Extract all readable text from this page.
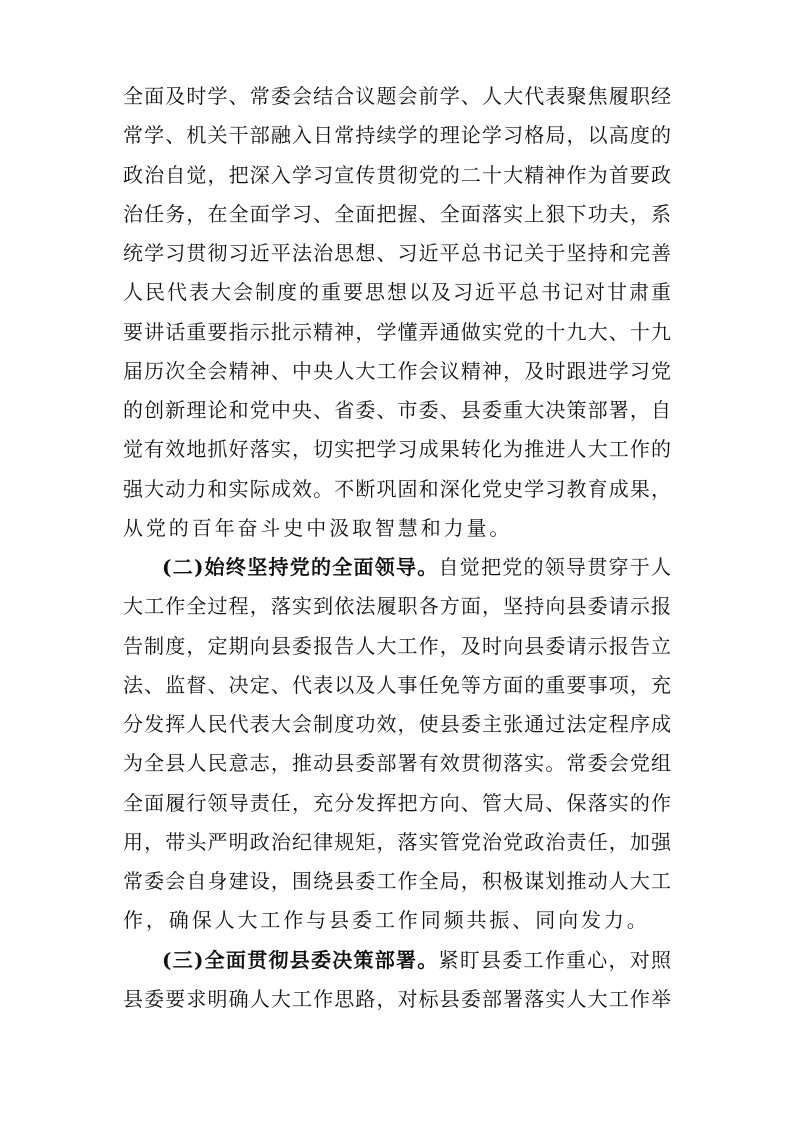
全面及时学、常委会结合议题会前学、人大代表聚焦履职经
常学、机关干部融入日常持续学的理论学习格局，以高度的
政治自觉，把深入学习宣传贯彻党的二十大精神作为首要政
治任务，在全面学习、全面把握、全面落实上狠下功夫，系
统学习贯彻习近平法治思想、习近平总书记关于坚持和完善
人民代表大会制度的重要思想以及习近平总书记对甘肃重
要讲话重要指示批示精神，学懂弄通做实党的十九大、十九
届历次全会精神、中央人大工作会议精神，及时跟进学习党
的创新理论和党中央、省委、市委、县委重大决策部署，自
觉有效地抓好落实，切实把学习成果转化为推进人大工作的
强大动力和实际成效。不断巩固和深化党史学习教育成果，
从党的百年奋斗史中汲取智慧和力量。
(二)始终坚持党的全面领导。自觉把党的领导贯穿于人
大工作全过程，落实到依法履职各方面，坚持向县委请示报
告制度，定期向县委报告人大工作，及时向县委请示报告立
法、监督、决定、代表以及人事任免等方面的重要事项，充
分发挥人民代表大会制度功效，使县委主张通过法定程序成
为全县人民意志，推动县委部署有效贯彻落实。常委会党组
全面履行领导责任，充分发挥把方向、管大局、保落实的作
用，带头严明政治纪律规矩，落实管党治党政治责任，加强
常委会自身建设，围绕县委工作全局，积极谋划推动人大工
作，确保人大工作与县委工作同频共振、同向发力。
(三)全面贯彻县委决策部署。紧盯县委工作重心，对照
县委要求明确人大工作思路，对标县委部署落实人大工作举
